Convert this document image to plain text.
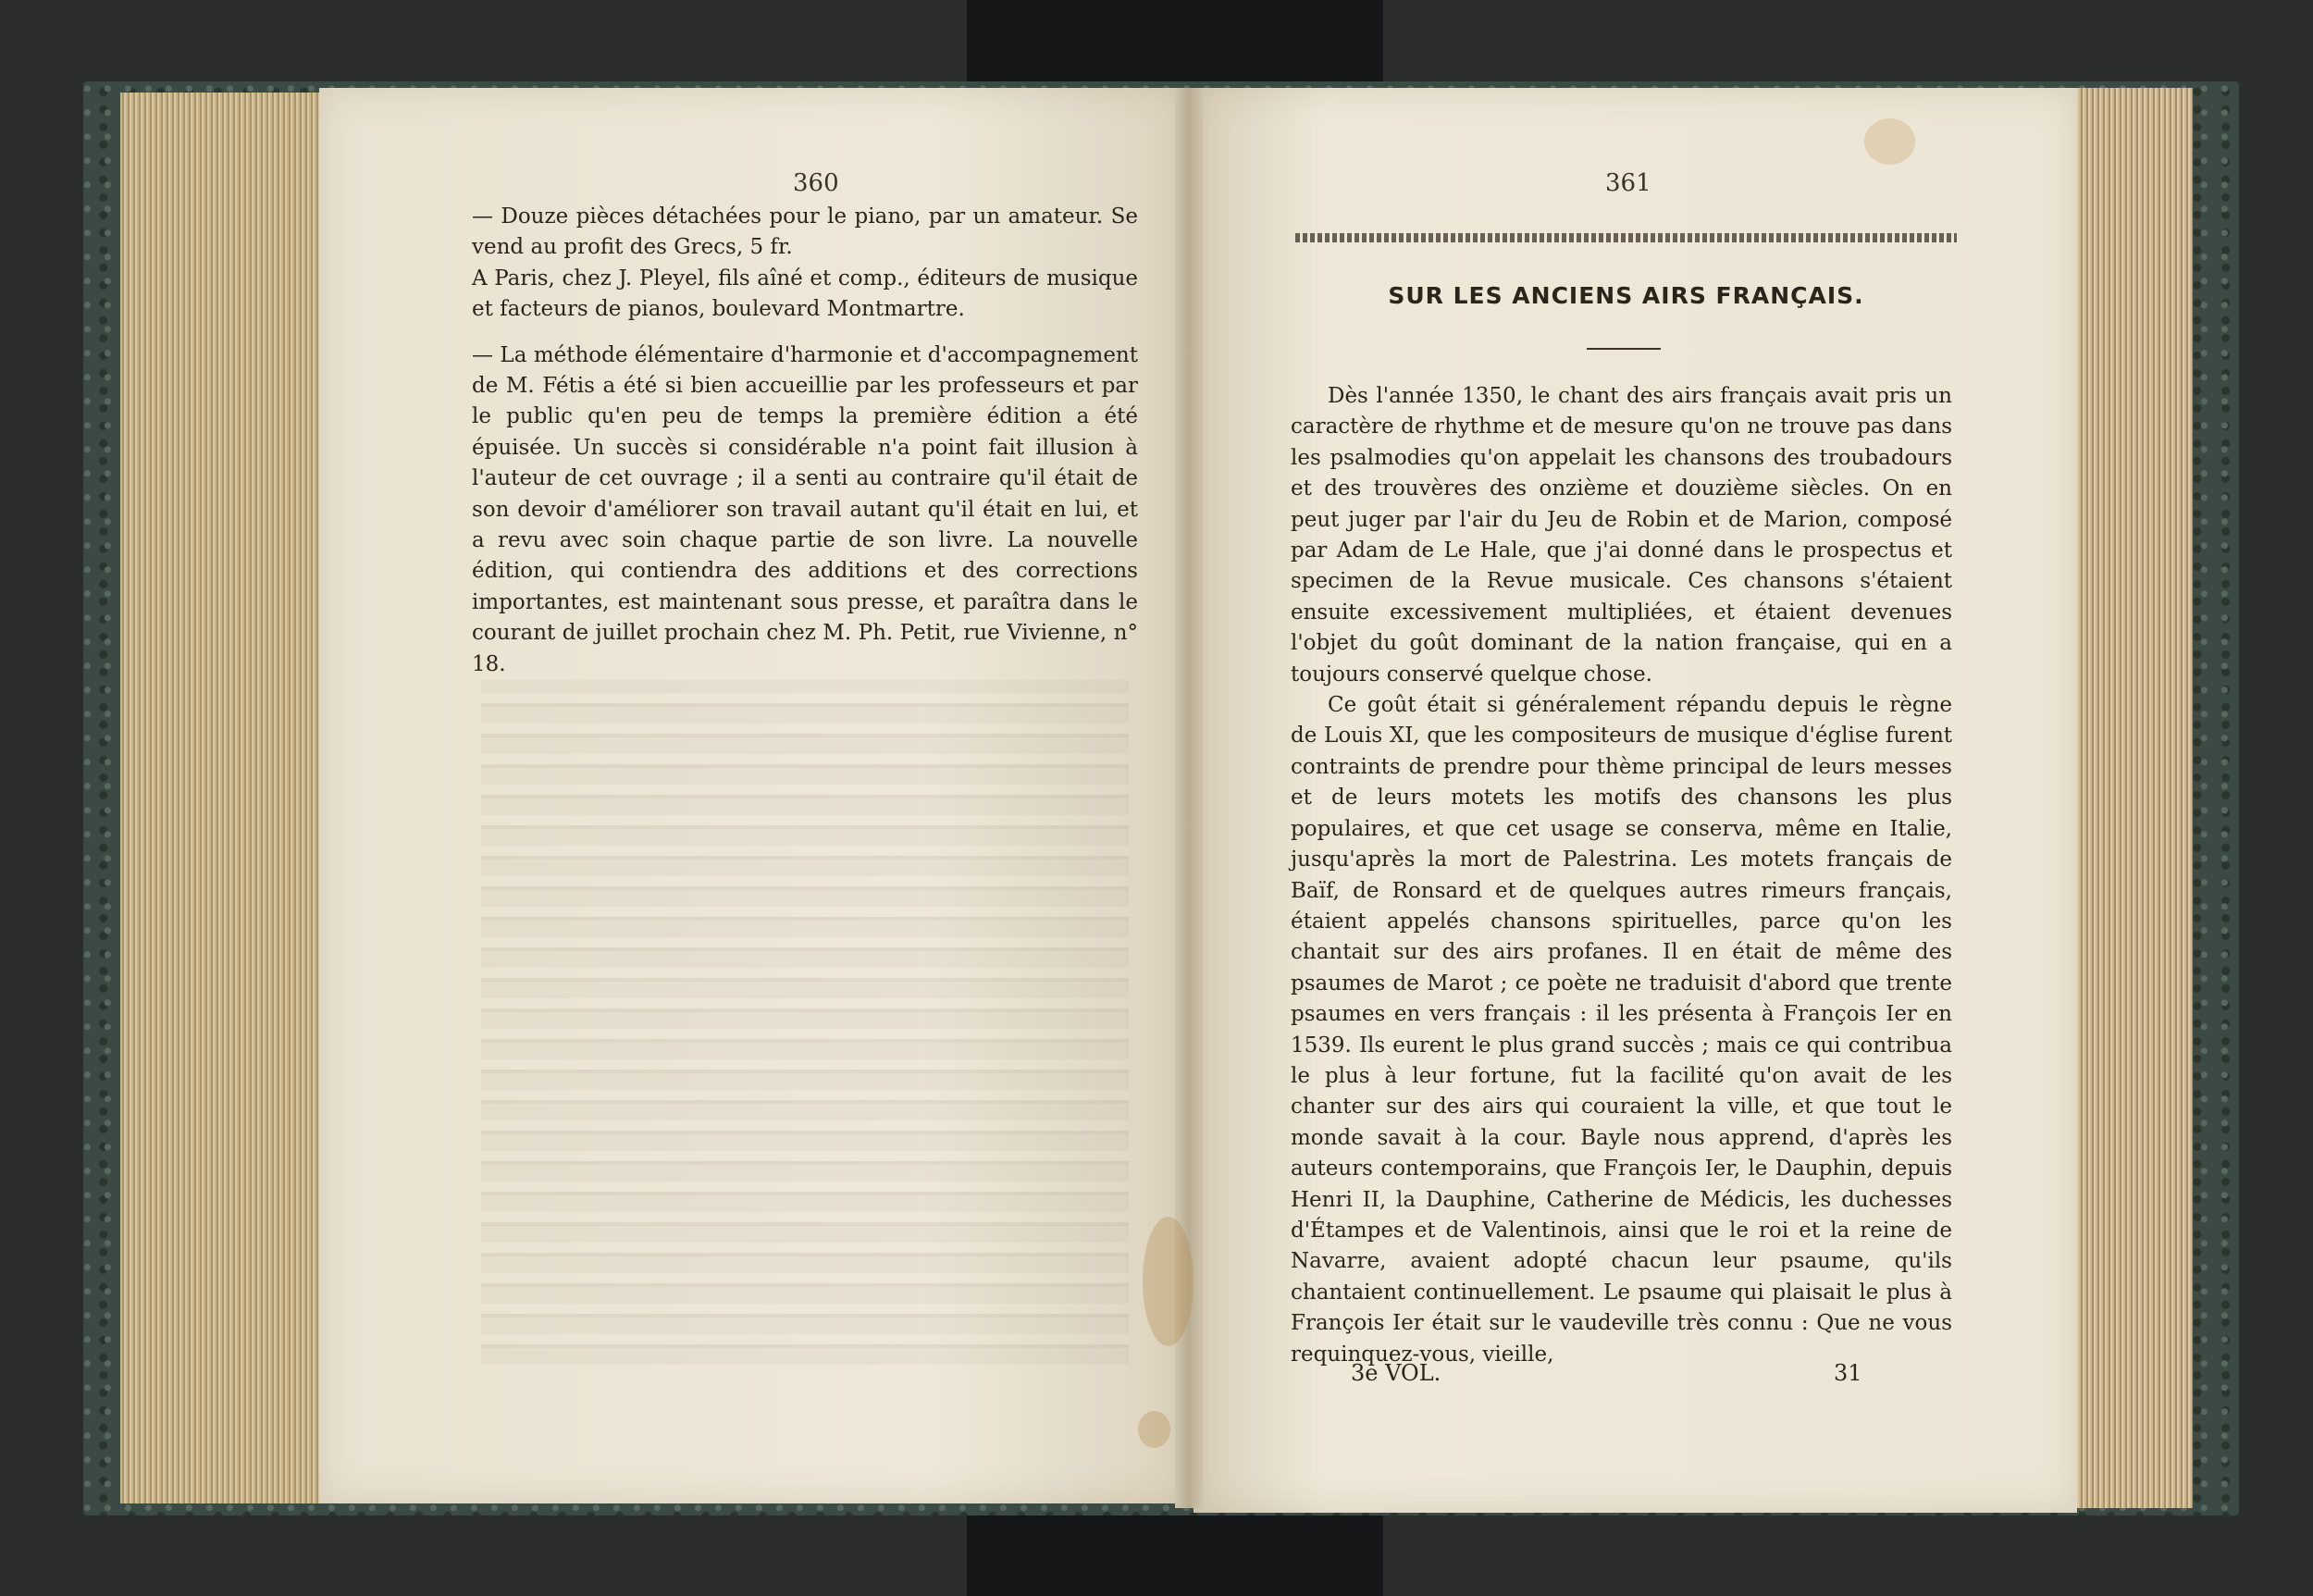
360

— Douze pièces détachées pour le piano, par un amateur. Se vend au profit des Grecs, 5 fr.

A Paris, chez J. Pleyel, fils aîné et comp., éditeurs de musique et facteurs de pianos, boulevard Montmartre.

— La méthode élémentaire d'harmonie et d'accompagnement de M. Fétis a été si bien accueillie par les professeurs et par le public qu'en peu de temps la première édition a été épuisée. Un succès si considérable n'a point fait illusion à l'auteur de cet ouvrage ; il a senti au contraire qu'il était de son devoir d'améliorer son travail autant qu'il était en lui, et a revu avec soin chaque partie de son livre. La nouvelle édition, qui contiendra des additions et des corrections importantes, est maintenant sous presse, et paraîtra dans le courant de juillet prochain chez M. Ph. Petit, rue Vivienne, n° 18.

361
SUR LES ANCIENS AIRS FRANÇAIS.

Dès l'année 1350, le chant des airs français avait pris un caractère de rhythme et de mesure qu'on ne trouve pas dans les psalmodies qu'on appelait les chansons des troubadours et des trouvères des onzième et douzième siècles. On en peut juger par l'air du Jeu de Robin et de Marion, composé par Adam de Le Hale, que j'ai donné dans le prospectus et specimen de la Revue musicale. Ces chansons s'étaient ensuite excessivement multipliées, et étaient devenues l'objet du goût dominant de la nation française, qui en a toujours conservé quelque chose.

Ce goût était si généralement répandu depuis le règne de Louis XI, que les compositeurs de musique d'église furent contraints de prendre pour thème principal de leurs messes et de leurs motets les motifs des chansons les plus populaires, et que cet usage se conserva, même en Italie, jusqu'après la mort de Palestrina. Les motets français de Baïf, de Ronsard et de quelques autres rimeurs français, étaient appelés chansons spirituelles, parce qu'on les chantait sur des airs profanes. Il en était de même des psaumes de Marot ; ce poète ne traduisit d'abord que trente psaumes en vers français : il les présenta à François Ier en 1539. Ils eurent le plus grand succès ; mais ce qui contribua le plus à leur fortune, fut la facilité qu'on avait de les chanter sur des airs qui couraient la ville, et que tout le monde savait à la cour. Bayle nous apprend, d'après les auteurs contemporains, que François Ier, le Dauphin, depuis Henri II, la Dauphine, Catherine de Médicis, les duchesses d'Étampes et de Valentinois, ainsi que le roi et la reine de Navarre, avaient adopté chacun leur psaume, qu'ils chantaient continuellement. Le psaume qui plaisait le plus à François Ier était sur le vaudeville très connu : Que ne vous requinquez-vous, vieille,

3e VOL.	31
